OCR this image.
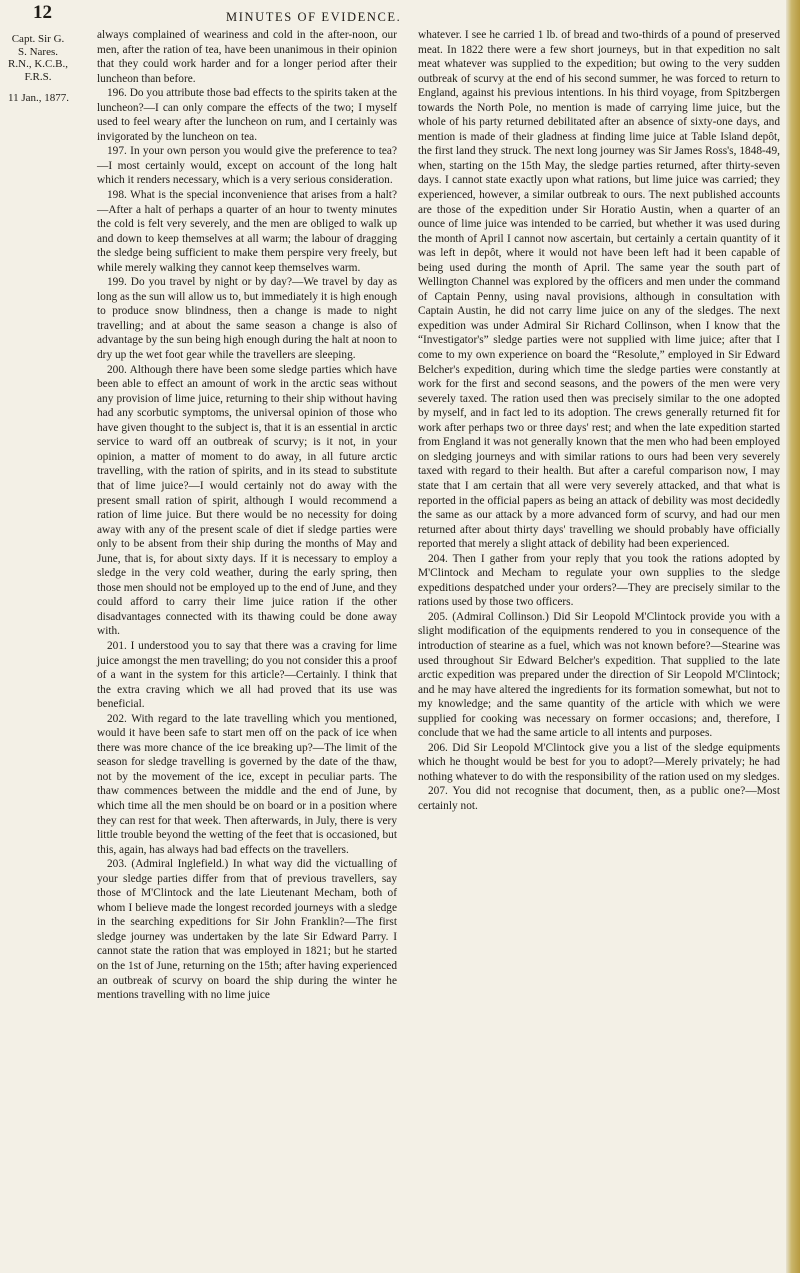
12	MINUTES OF EVIDENCE.
Capt. Sir G.
S. Nares.
R.N., K.C.B.,
F.R.S.
11 Jan., 1877.

always complained of weariness and cold in the after-noon, our men, after the ration of tea, have been unanimous in their opinion that they could work harder and for a longer period after their luncheon than before.

196. Do you attribute those bad effects to the spirits taken at the luncheon?—I can only compare the effects of the two; I myself used to feel weary after the luncheon on rum, and I certainly was invigorated by the luncheon on tea.

197. In your own person you would give the preference to tea?—I most certainly would, except on account of the long halt which it renders necessary, which is a very serious consideration.

198. What is the special inconvenience that arises from a halt?—After a halt of perhaps a quarter of an hour to twenty minutes the cold is felt very severely, and the men are obliged to walk up and down to keep themselves at all warm; the labour of dragging the sledge being sufficient to make them perspire very freely, but while merely walking they cannot keep themselves warm.

199. Do you travel by night or by day?—We travel by day as long as the sun will allow us to, but immediately it is high enough to produce snow blindness, then a change is made to night travelling; and at about the same season a change is also of advantage by the sun being high enough during the halt at noon to dry up the wet foot gear while the travellers are sleeping.

200. Although there have been some sledge parties which have been able to effect an amount of work in the arctic seas without any provision of lime juice, returning to their ship without having had any scorbutic symptoms, the universal opinion of those who have given thought to the subject is, that it is an essential in arctic service to ward off an outbreak of scurvy; is it not, in your opinion, a matter of moment to do away, in all future arctic travelling, with the ration of spirits, and in its stead to substitute that of lime juice?—I would certainly not do away with the present small ration of spirit, although I would recommend a ration of lime juice. But there would be no necessity for doing away with any of the present scale of diet if sledge parties were only to be absent from their ship during the months of May and June, that is, for about sixty days. If it is necessary to employ a sledge in the very cold weather, during the early spring, then those men should not be employed up to the end of June, and they could afford to carry their lime juice ration if the other disadvantages connected with its thawing could be done away with.

201. I understood you to say that there was a craving for lime juice amongst the men travelling; do you not consider this a proof of a want in the system for this article?—Certainly. I think that the extra craving which we all had proved that its use was beneficial.

202. With regard to the late travelling which you mentioned, would it have been safe to start men off on the pack of ice when there was more chance of the ice breaking up?—The limit of the season for sledge travelling is governed by the date of the thaw, not by the movement of the ice, except in peculiar parts. The thaw commences between the middle and the end of June, by which time all the men should be on board or in a position where they can rest for that week. Then afterwards, in July, there is very little trouble beyond the wetting of the feet that is occasioned, but this, again, has always had bad effects on the travellers.

203. (Admiral Inglefield.) In what way did the victualling of your sledge parties differ from that of previous travellers, say those of M'Clintock and the late Lieutenant Mecham, both of whom I believe made the longest recorded journeys with a sledge in the searching expeditions for Sir John Franklin?—The first sledge journey was undertaken by the late Sir Edward Parry. I cannot state the ration that was employed in 1821; but he started on the 1st of June, returning on the 15th; after having experienced an outbreak of scurvy on board the ship during the winter he mentions travelling with no lime juice

whatever. I see he carried 1 lb. of bread and two-thirds of a pound of preserved meat. In 1822 there were a few short journeys, but in that expedition no salt meat whatever was supplied to the expedition; but owing to the very sudden outbreak of scurvy at the end of his second summer, he was forced to return to England, against his previous intentions. In his third voyage, from Spitzbergen towards the North Pole, no mention is made of carrying lime juice, but the whole of his party returned debilitated after an absence of sixty-one days, and mention is made of their gladness at finding lime juice at Table Island depôt, the first land they struck. The next long journey was Sir James Ross's, 1848-49, when, starting on the 15th May, the sledge parties returned, after thirty-seven days. I cannot state exactly upon what rations, but lime juice was carried; they experienced, however, a similar outbreak to ours. The next published accounts are those of the expedition under Sir Horatio Austin, when a quarter of an ounce of lime juice was intended to be carried, but whether it was used during the month of April I cannot now ascertain, but certainly a certain quantity of it was left in depôt, where it would not have been left had it been capable of being used during the month of April. The same year the south part of Wellington Channel was explored by the officers and men under the command of Captain Penny, using naval provisions, although in consultation with Captain Austin, he did not carry lime juice on any of the sledges. The next expedition was under Admiral Sir Richard Collinson, when I know that the “Investigator's” sledge parties were not supplied with lime juice; after that I come to my own experience on board the “Resolute,” employed in Sir Edward Belcher's expedition, during which time the sledge parties were constantly at work for the first and second seasons, and the powers of the men were very severely taxed. The ration used then was precisely similar to the one adopted by myself, and in fact led to its adoption. The crews generally returned fit for work after perhaps two or three days' rest; and when the late expedition started from England it was not generally known that the men who had been employed on sledging journeys and with similar rations to ours had been very severely taxed with regard to their health. But after a careful comparison now, I may state that I am certain that all were very severely attacked, and that what is reported in the official papers as being an attack of debility was most decidedly the same as our attack by a more advanced form of scurvy, and had our men returned after about thirty days' travelling we should probably have officially reported that merely a slight attack of debility had been experienced.

204. Then I gather from your reply that you took the rations adopted by M'Clintock and Mecham to regulate your own supplies to the sledge expeditions despatched under your orders?—They are precisely similar to the rations used by those two officers.

205. (Admiral Collinson.) Did Sir Leopold M'Clintock provide you with a slight modification of the equipments rendered to you in consequence of the introduction of stearine as a fuel, which was not known before?—Stearine was used throughout Sir Edward Belcher's expedition. That supplied to the late arctic expedition was prepared under the direction of Sir Leopold M'Clintock; and he may have altered the ingredients for its formation somewhat, but not to my knowledge; and the same quantity of the article with which we were supplied for cooking was necessary on former occasions; and, therefore, I conclude that we had the same article to all intents and purposes.

206. Did Sir Leopold M'Clintock give you a list of the sledge equipments which he thought would be best for you to adopt?—Merely privately; he had nothing whatever to do with the responsibility of the ration used on my sledges.

207. You did not recognise that document, then, as a public one?—Most certainly not.
